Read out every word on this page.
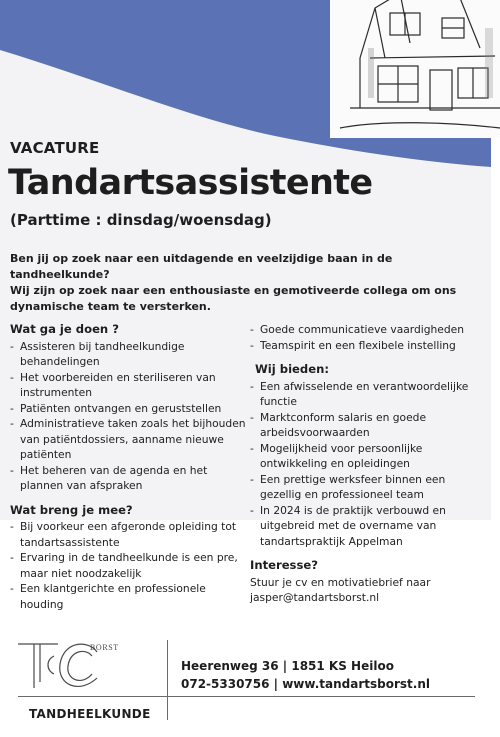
VACATURE
Tandartsassistente
(Parttime : dinsdag/woensdag)

Ben jij op zoek naar een uitdagende en veelzijdige baan in de tandheelkunde?

Wij zijn op zoek naar een enthousiaste en gemotiveerde collega om ons dynamische team te versterken.

Wat ga je doen ?
- Assisteren bij tandheelkundige behandelingen
- Het voorbereiden en steriliseren van instrumenten
- Patiënten ontvangen en geruststellen
- Administratieve taken zoals het bijhouden van patiëntdossiers, aanname nieuwe patiënten
- Het beheren van de agenda en het plannen van afspraken
Wat breng je mee?
- Bij voorkeur een afgeronde opleiding tot tandartsassistente
- Ervaring in de tandheelkunde is een pre, maar niet noodzakelijk
- Een klantgerichte en professionele houding
- Goede communicatieve vaardigheden
- Teamspirit en een flexibele instelling
Wij bieden:
- Een afwisselende en verantwoordelijke functie
- Marktconform salaris en goede arbeidsvoorwaarden
- Mogelijkheid voor persoonlijke ontwikkeling en opleidingen
- Een prettige werksfeer binnen een gezellig en professioneel team
- In 2024 is de praktijk verbouwd en uitgebreid met de overname van tandartspraktijk Appelman
Interesse?
Stuur je cv en motivatiebrief naar
jasper@tandartsborst.nl
BORST
TANDHEELKUNDE
Heerenweg 36 | 1851 KS Heiloo
072-5330756 | www.tandartsborst.nl
